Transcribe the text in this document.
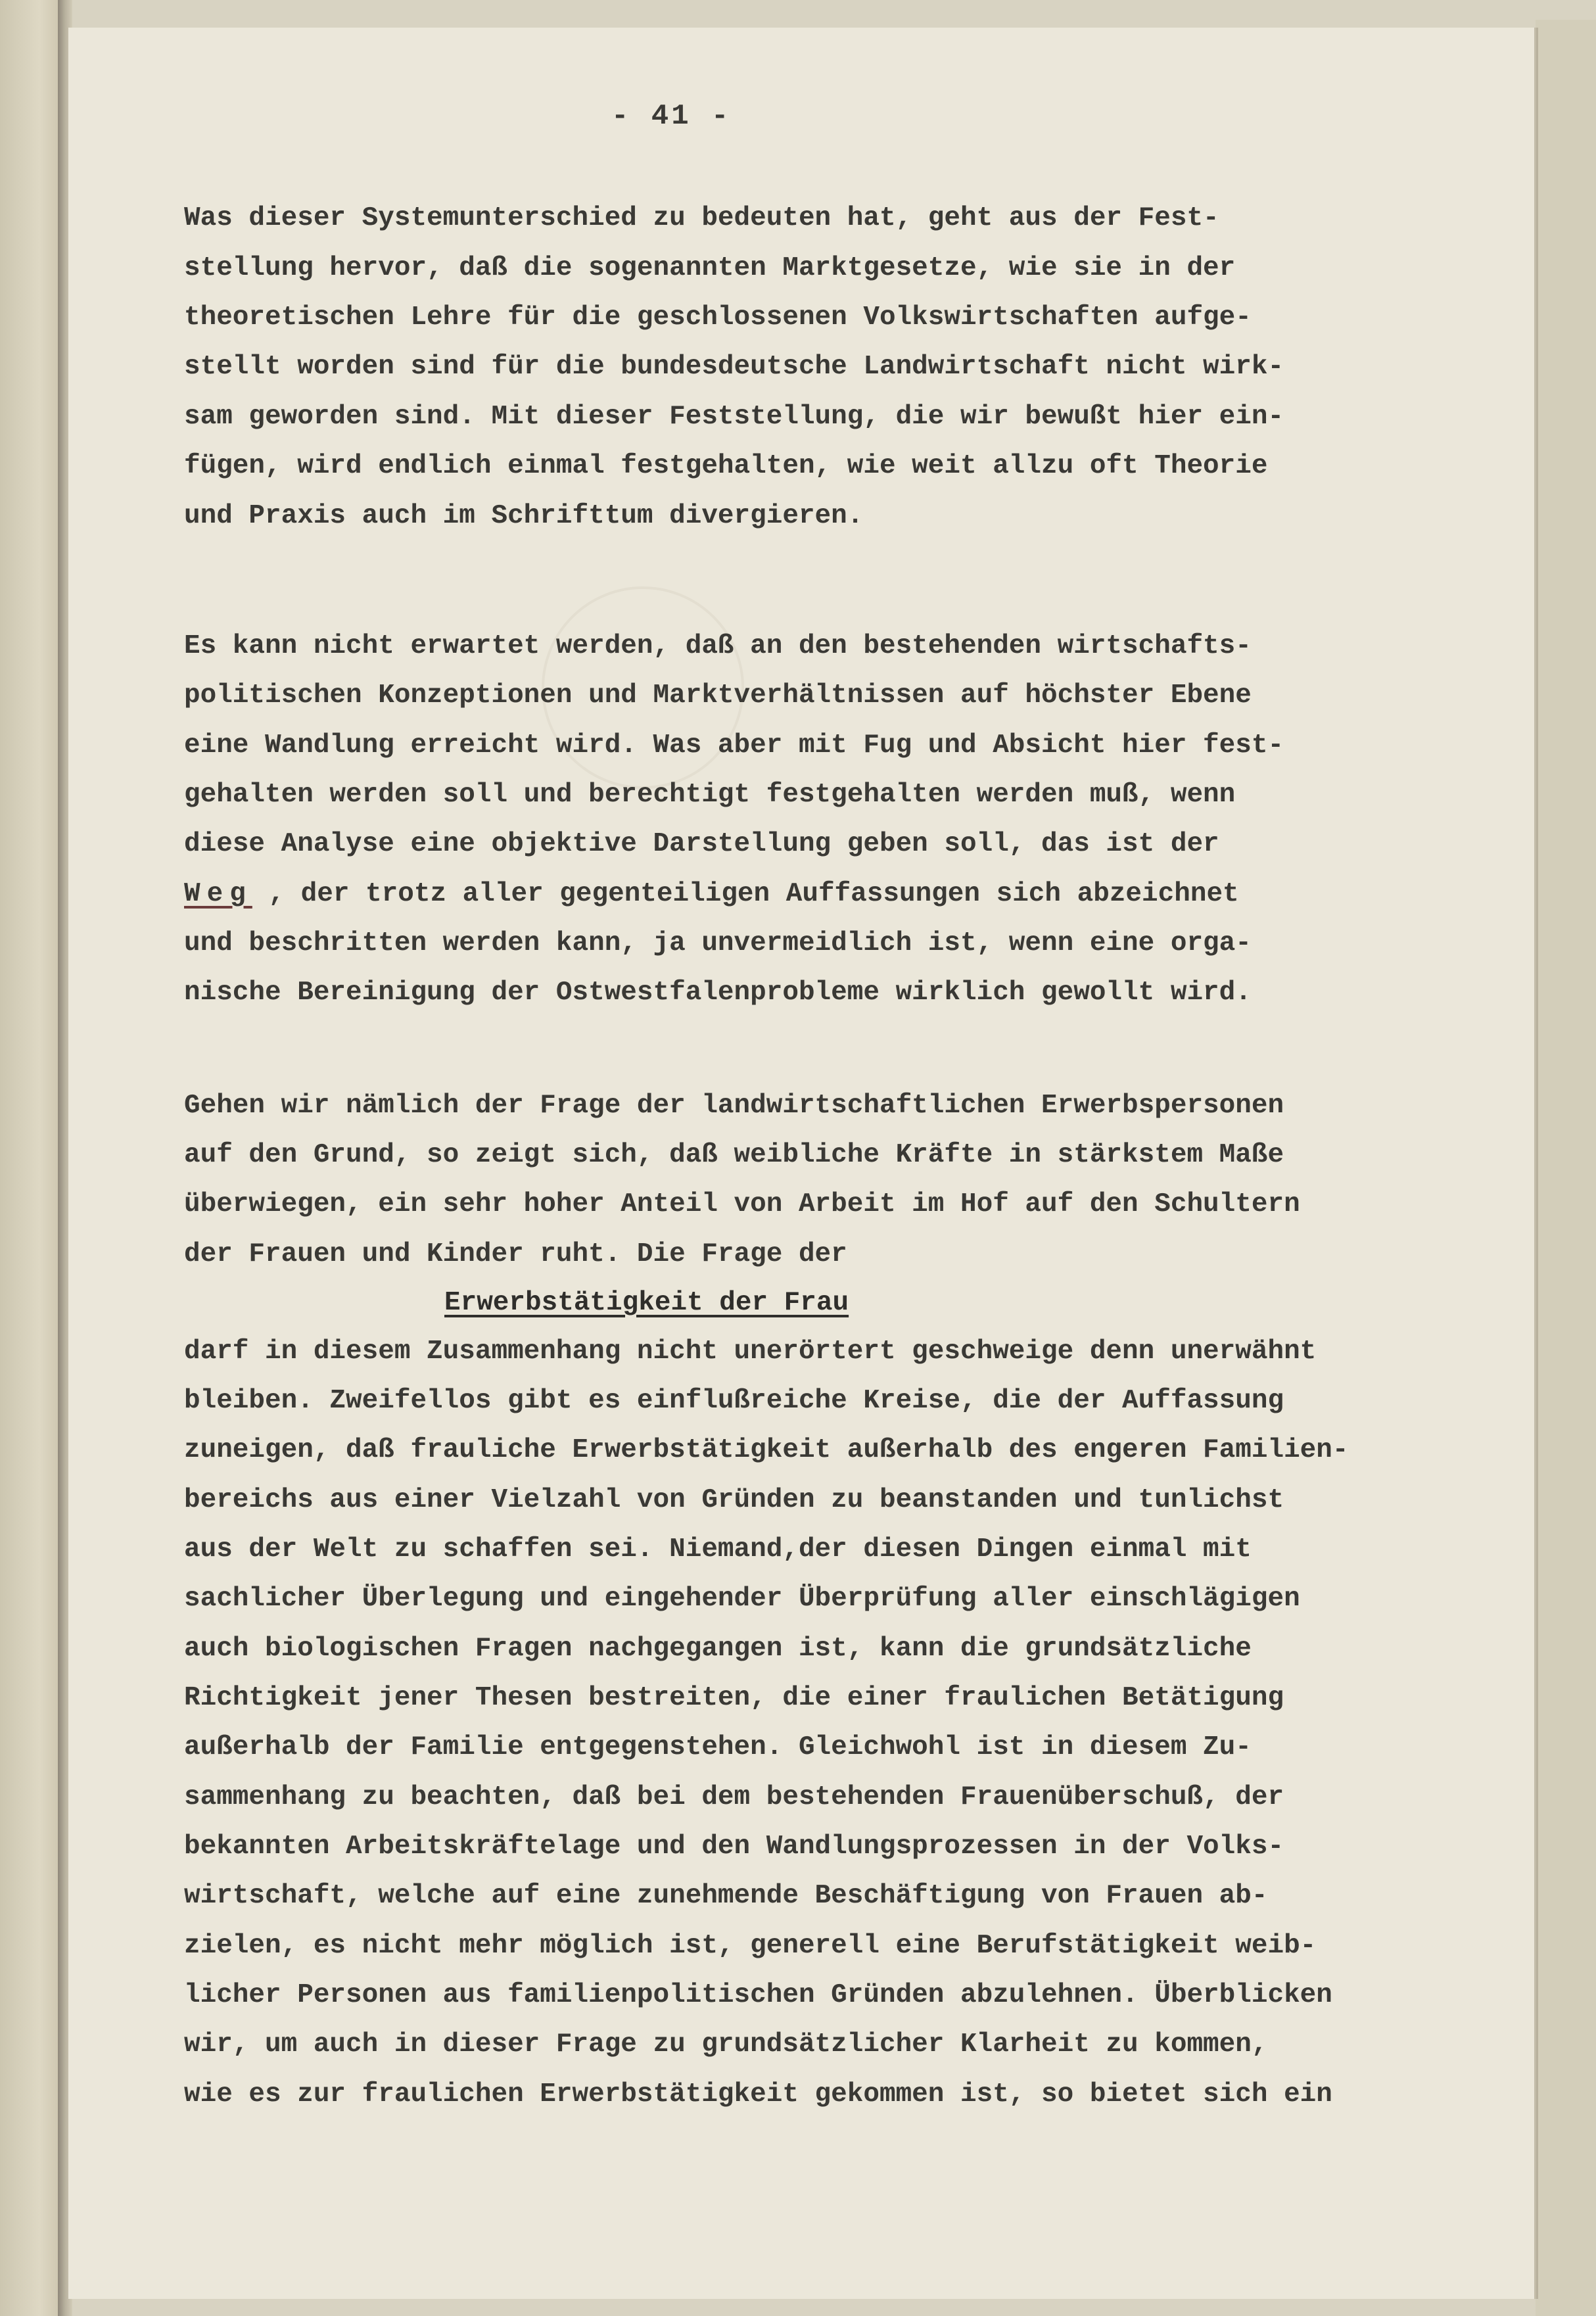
- 41 -
Was dieser Systemunterschied zu bedeuten hat, geht aus der Fest-
stellung hervor, daß die sogenannten Marktgesetze, wie sie in der
theoretischen Lehre für die geschlossenen Volkswirtschaften aufge-
stellt worden sind für die bundesdeutsche Landwirtschaft nicht wirk-
sam geworden sind. Mit dieser Feststellung, die wir bewußt hier ein-
fügen, wird endlich einmal festgehalten, wie weit allzu oft Theorie
und Praxis auch im Schrifttum divergieren.
Es kann nicht erwartet werden, daß an den bestehenden wirtschafts-
politischen Konzeptionen und Marktverhältnissen auf höchster Ebene
eine Wandlung erreicht wird. Was aber mit Fug und Absicht hier fest-
gehalten werden soll und berechtigt festgehalten werden muß, wenn
diese Analyse eine objektive Darstellung geben soll, das ist der
Weg , der trotz aller gegenteiligen Auffassungen sich abzeichnet
und beschritten werden kann, ja unvermeidlich ist, wenn eine orga-
nische Bereinigung der Ostwestfalenprobleme wirklich gewollt wird.
Gehen wir nämlich der Frage der landwirtschaftlichen Erwerbspersonen
auf den Grund, so zeigt sich, daß weibliche Kräfte in stärkstem Maße
überwiegen, ein sehr hoher Anteil von Arbeit im Hof auf den Schultern
der Frauen und Kinder ruht. Die Frage der
Erwerbstätigkeit der Frau
darf in diesem Zusammenhang nicht unerörtert geschweige denn unerwähnt
bleiben. Zweifellos gibt es einflußreiche Kreise, die der Auffassung
zuneigen, daß frauliche Erwerbstätigkeit außerhalb des engeren Familien-
bereichs aus einer Vielzahl von Gründen zu beanstanden und tunlichst
aus der Welt zu schaffen sei. Niemand,der diesen Dingen einmal mit
sachlicher Überlegung und eingehender Überprüfung aller einschlägigen
auch biologischen Fragen nachgegangen ist, kann die grundsätzliche
Richtigkeit jener Thesen bestreiten, die einer fraulichen Betätigung
außerhalb der Familie entgegenstehen. Gleichwohl ist in diesem Zu-
sammenhang zu beachten, daß bei dem bestehenden Frauenüberschuß, der
bekannten Arbeitskräftelage und den Wandlungsprozessen in der Volks-
wirtschaft, welche auf eine zunehmende Beschäftigung von Frauen ab-
zielen, es nicht mehr möglich ist, generell eine Berufstätigkeit weib-
licher Personen aus familienpolitischen Gründen abzulehnen. Überblicken
wir, um auch in dieser Frage zu grundsätzlicher Klarheit zu kommen,
wie es zur fraulichen Erwerbstätigkeit gekommen ist, so bietet sich ein
